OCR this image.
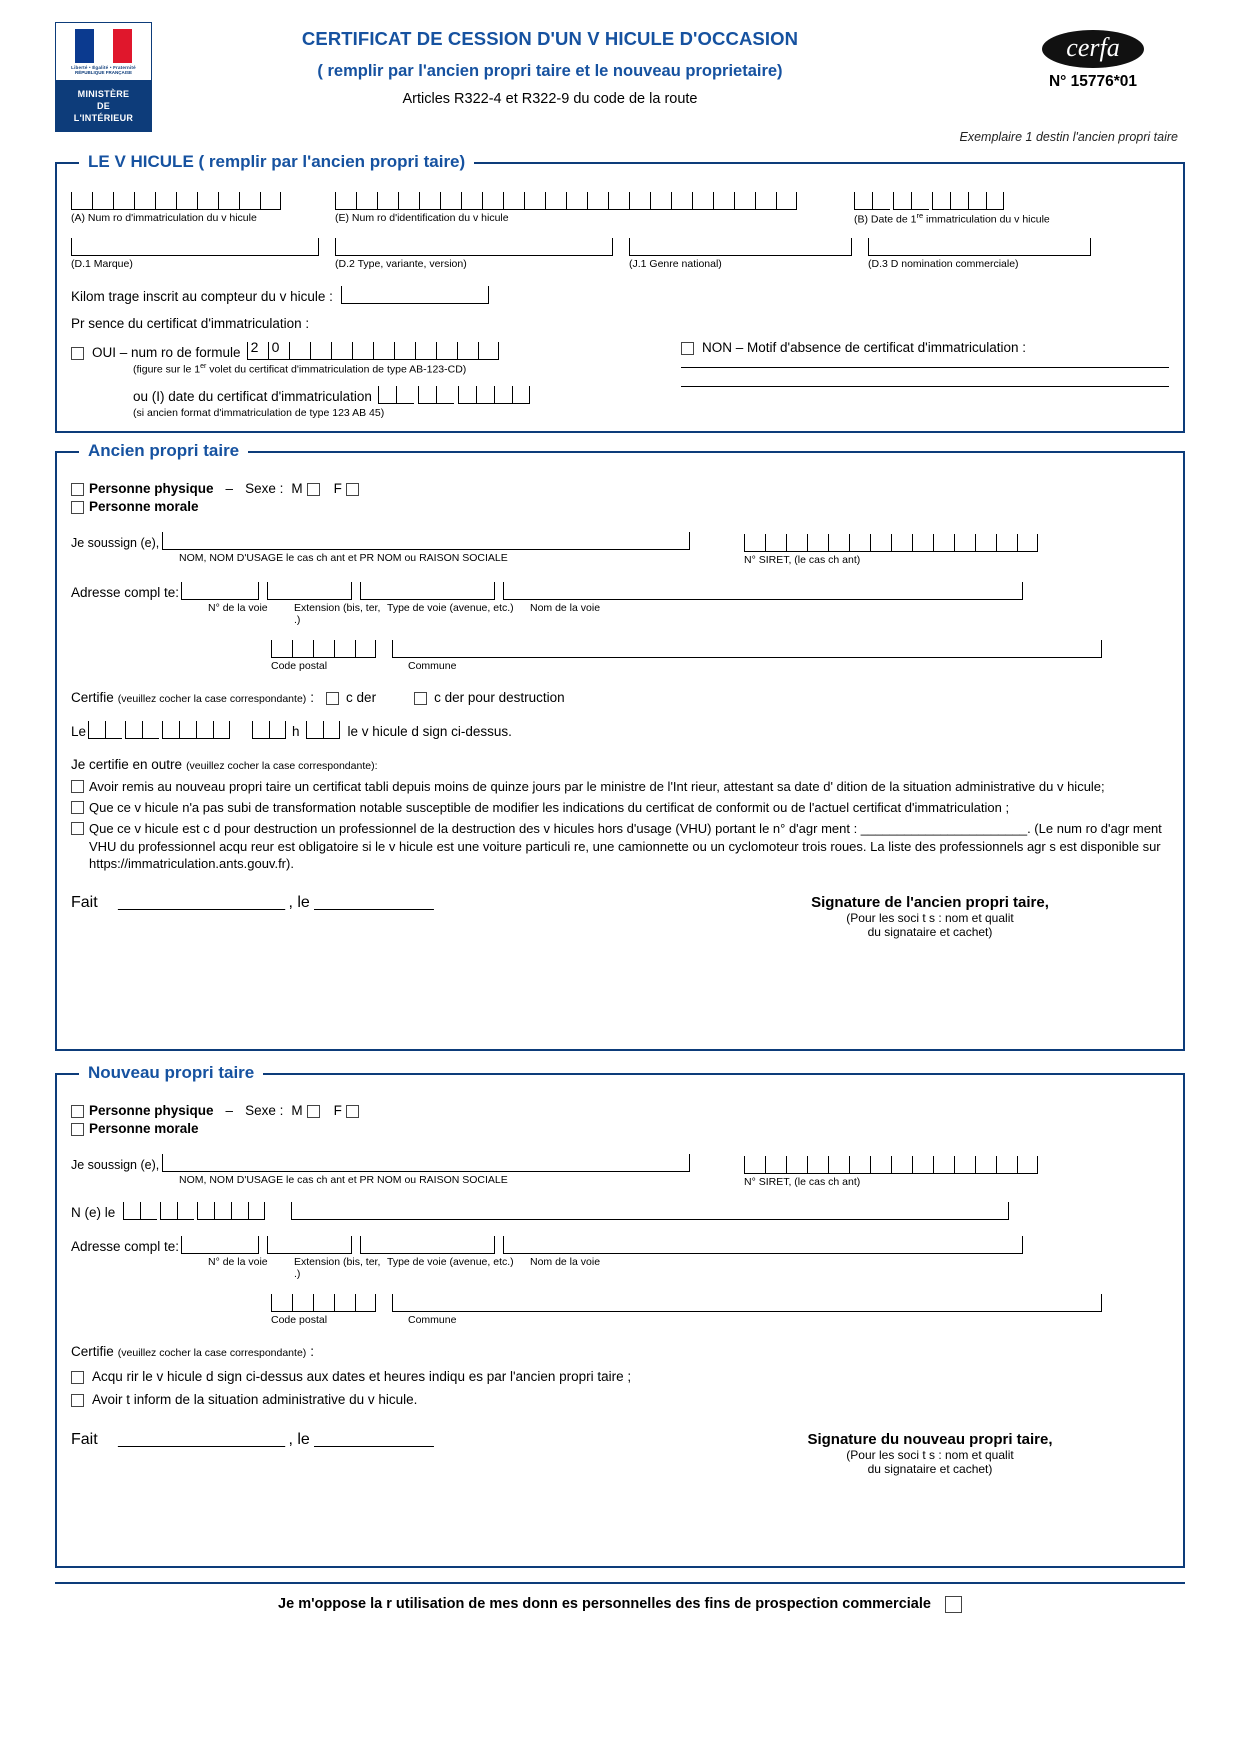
Liberté • Égalité • Fraternité
RÉPUBLIQUE FRANÇAISE
MINISTÈRE
DE
L'INTÉRIEUR
CERTIFICAT DE CESSION D'UN V HICULE D'OCCASION
( remplir par l'ancien propri taire et le nouveau proprietaire)
Articles R322-4 et R322-9 du code de la route
cerfa
N° 15776*01
Exemplaire 1 destin l'ancien propri taire
LE V HICULE ( remplir par l'ancien propri taire)
(A) Num ro d'immatriculation du v hicule	(E) Num ro d'identification du v hicule	(B) Date de 1re immatriculation du v hicule
(D.1 Marque)	(D.2 Type, variante, version)	(J.1 Genre national)	(D.3 D nomination commerciale)
Kilom trage inscrit au compteur du v hicule :
Pr sence du certificat d'immatriculation :
OUI – num ro de formule 2 0
(figure sur le 1er volet du certificat d'immatriculation de type AB-123-CD)
ou (I) date du certificat d'immatriculation
(si ancien format d'immatriculation de type 123 AB 45)
NON – Motif d'absence de certificat d'immatriculation :
Ancien propri taire
Personne physique – Sexe : M F
Personne morale
Je soussign (e),
NOM, NOM D'USAGE le cas ch ant et PR NOM ou RAISON SOCIALE	N° SIRET, (le cas ch ant)
Adresse compl te:
N° de la voie	Extension (bis, ter, .)
Type de voie (avenue, etc.)	Nom de la voie
Code postal	Commune
Certifie (veuillez cocher la case correspondante) : c der	c der pour destruction
Le	h	le v hicule d sign ci-dessus.
Je certifie en outre (veuillez cocher la case correspondante):
Avoir remis au nouveau propri taire un certificat tabli depuis moins de quinze jours par le ministre de l'Int rieur, attestant sa date d' dition de la situation administrative du v hicule;
Que ce v hicule n'a pas subi de transformation notable susceptible de modifier les indications du certificat de conformit ou de l'actuel certificat d'immatriculation ;
Que ce v hicule est c d pour destruction un professionnel de la destruction des v hicules hors d'usage (VHU) portant le n° d'agr ment : _______________________. (Le num ro d'agr ment VHU du professionnel acqu reur est obligatoire si le v hicule est une voiture particuli re, une camionnette ou un cyclomoteur trois roues. La liste des professionnels agr s est disponible sur https://immatriculation.ants.gouv.fr).
Fait _____________________ , le _______________	Signature de l'ancien propri taire,
(Pour les soci t s : nom et qualit
du signataire et cachet)
Nouveau propri taire
Personne physique – Sexe : M F
Personne morale
Je soussign (e),
NOM, NOM D'USAGE le cas ch ant et PR NOM ou RAISON SOCIALE	N° SIRET, (le cas ch ant)
N (e) le
Adresse compl te:
N° de la voie	Extension (bis, ter, .)
Type de voie (avenue, etc.)	Nom de la voie
Code postal	Commune
Certifie (veuillez cocher la case correspondante) :
Acqu rir le v hicule d sign ci-dessus aux dates et heures indiqu es par l'ancien propri taire ;
Avoir t inform de la situation administrative du v hicule.
Fait _____________________ , le _______________	Signature du nouveau propri taire,
(Pour les soci t s : nom et qualit
du signataire et cachet)
Je m'oppose la r utilisation de mes donn es personnelles des fins de prospection commerciale
